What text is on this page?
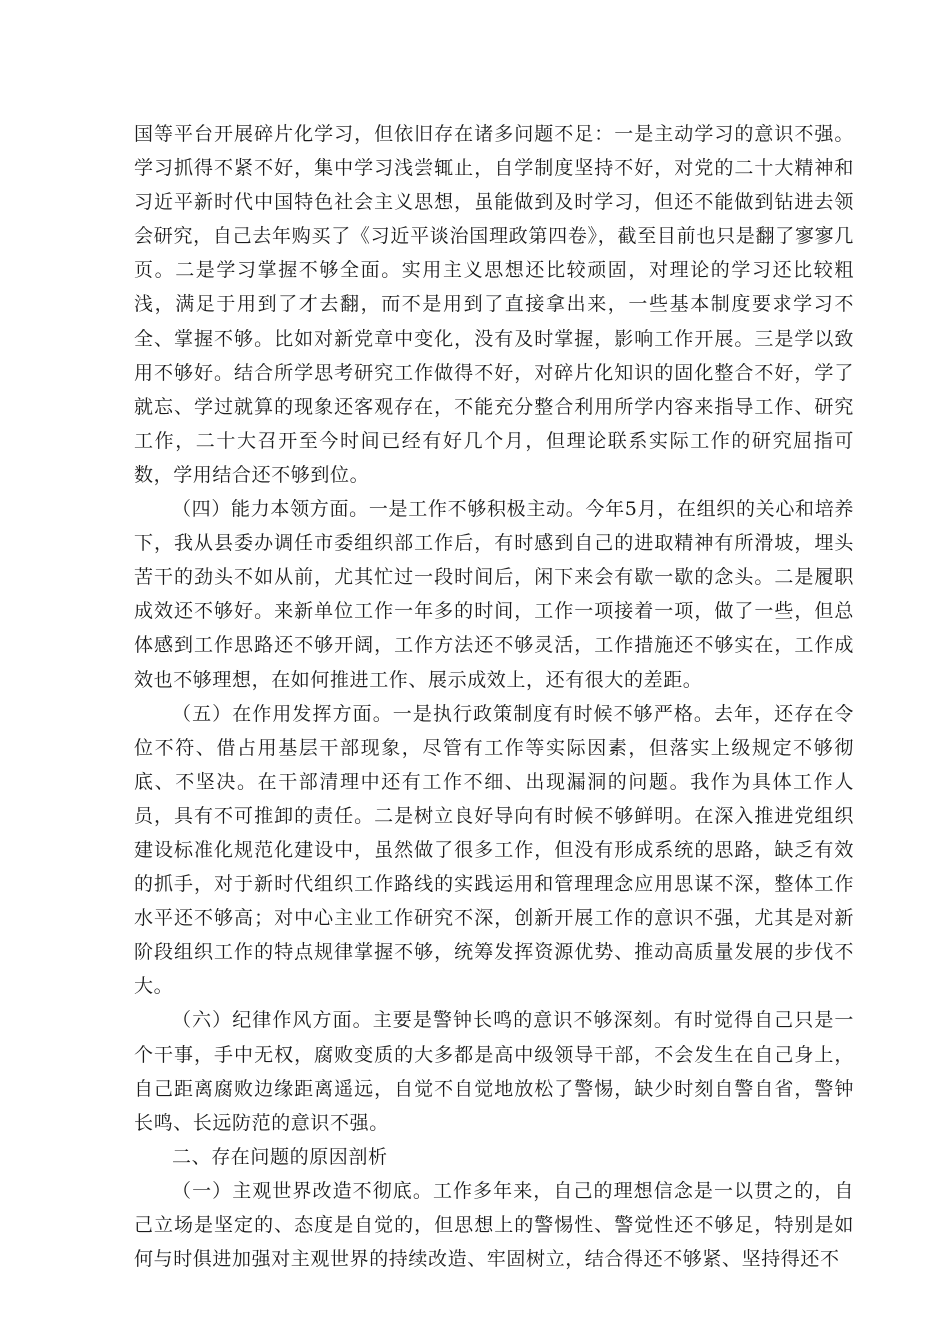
国等平台开展碎片化学习，但依旧存在诸多问题不足：一是主动学习的意识不强。学习抓得不紧不好，集中学习浅尝辄止，自学制度坚持不好，对党的二十大精神和习近平新时代中国特色社会主义思想，虽能做到及时学习，但还不能做到钻进去领会研究，自己去年购买了《习近平谈治国理政第四卷》，截至目前也只是翻了寥寥几页。二是学习掌握不够全面。实用主义思想还比较顽固，对理论的学习还比较粗浅，满足于用到了才去翻，而不是用到了直接拿出来，一些基本制度要求学习不全、掌握不够。比如对新党章中变化，没有及时掌握，影响工作开展。三是学以致用不够好。结合所学思考研究工作做得不好，对碎片化知识的固化整合不好，学了就忘、学过就算的现象还客观存在，不能充分整合利用所学内容来指导工作、研究工作，二十大召开至今时间已经有好几个月，但理论联系实际工作的研究屈指可数，学用结合还不够到位。

（四）能力本领方面。一是工作不够积极主动。今年5月，在组织的关心和培养下，我从县委办调任市委组织部工作后，有时感到自己的进取精神有所滑坡，埋头苦干的劲头不如从前，尤其忙过一段时间后，闲下来会有歇一歇的念头。二是履职成效还不够好。来新单位工作一年多的时间，工作一项接着一项，做了一些，但总体感到工作思路还不够开阔，工作方法还不够灵活，工作措施还不够实在，工作成效也不够理想，在如何推进工作、展示成效上，还有很大的差距。

（五）在作用发挥方面。一是执行政策制度有时候不够严格。去年，还存在令位不符、借占用基层干部现象，尽管有工作等实际因素，但落实上级规定不够彻底、不坚决。在干部清理中还有工作不细、出现漏洞的问题。我作为具体工作人员，具有不可推卸的责任。二是树立良好导向有时候不够鲜明。在深入推进党组织建设标准化规范化建设中，虽然做了很多工作，但没有形成系统的思路，缺乏有效的抓手，对于新时代组织工作路线的实践运用和管理理念应用思谋不深，整体工作水平还不够高；对中心主业工作研究不深，创新开展工作的意识不强，尤其是对新阶段组织工作的特点规律掌握不够，统筹发挥资源优势、推动高质量发展的步伐不大。

（六）纪律作风方面。主要是警钟长鸣的意识不够深刻。有时觉得自己只是一个干事，手中无权，腐败变质的大多都是高中级领导干部，不会发生在自己身上，自己距离腐败边缘距离遥远，自觉不自觉地放松了警惕，缺少时刻自警自省，警钟长鸣、长远防范的意识不强。

二、存在问题的原因剖析

（一）主观世界改造不彻底。工作多年来，自己的理想信念是一以贯之的，自己立场是坚定的、态度是自觉的，但思想上的警惕性、警觉性还不够足，特别是如何与时俱进加强对主观世界的持续改造、牢固树立，结合得还不够紧、坚持得还不
